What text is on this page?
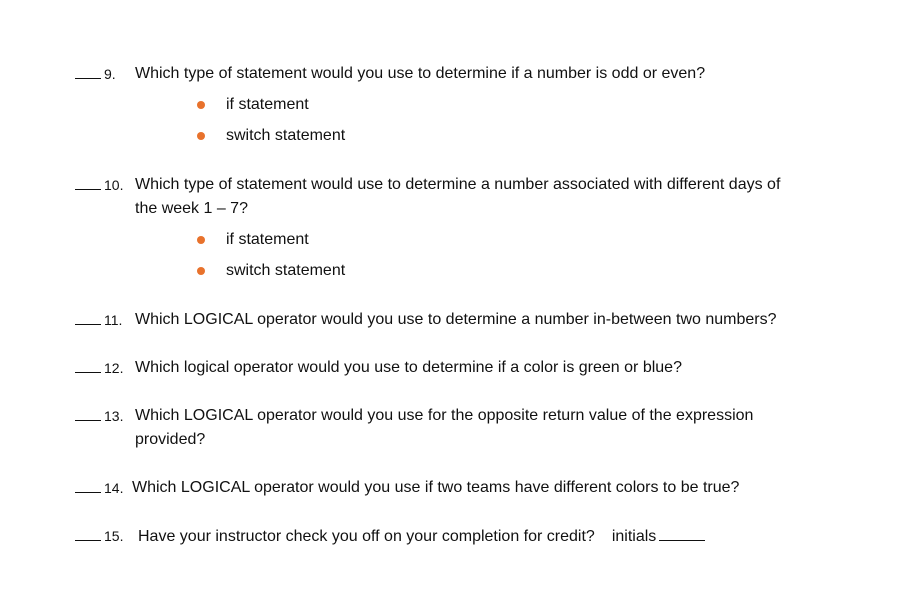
9. Which type of statement would you use to determine if a number is odd or even?
if statement
switch statement
10. Which type of statement would use to determine a number associated with different days of
the week 1 – 7?
if statement
switch statement
11. Which LOGICAL operator would you use to determine a number in-between two numbers?
12. Which logical operator would you use to determine if a color is green or blue?
13. Which LOGICAL operator would you use for the opposite return value of the expression
provided?
14. Which LOGICAL operator would you use if two teams have different colors to be true?
15. Have your instructor check you off on your completion for credit? initials
